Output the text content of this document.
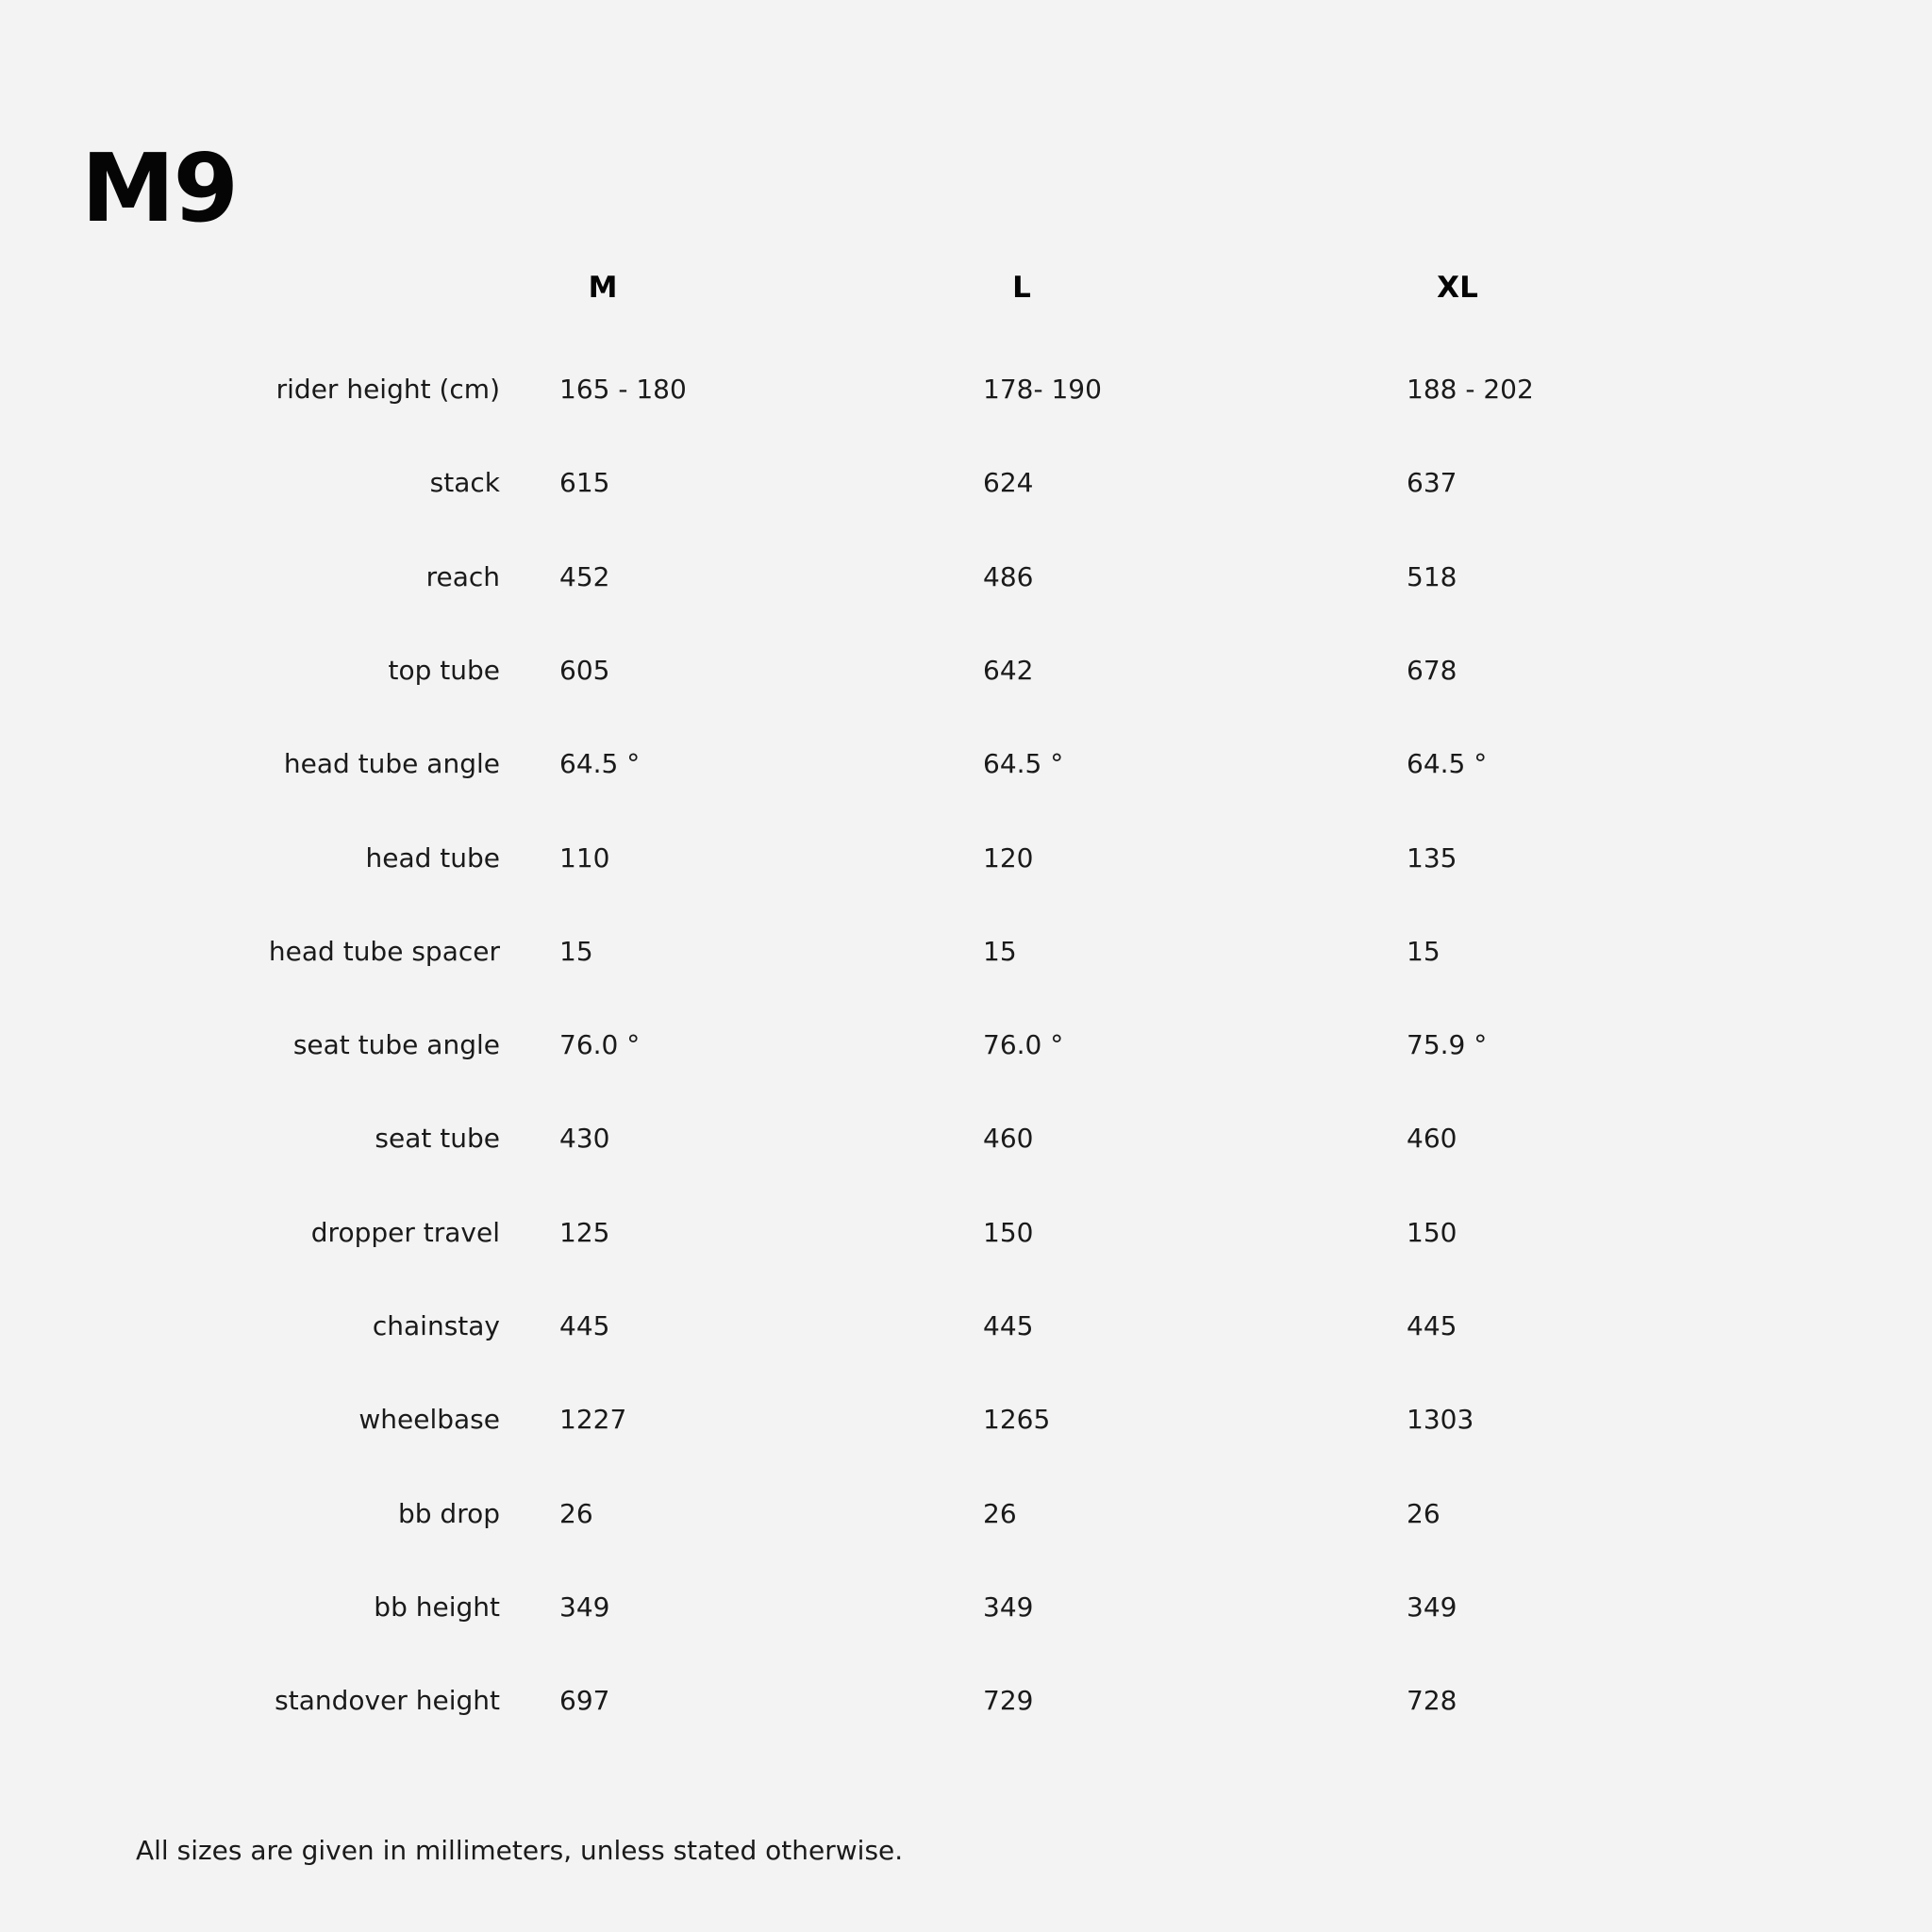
M9
M	L	XL
rider height (cm) 165 - 180	178- 190	188 - 202
stack 615	624	637
reach 452	486	518
top tube 605	642	678
head tube angle 64.5 °	64.5 °	64.5 °
head tube 110	120	135
head tube spacer 15	15	15
seat tube angle 76.0 °	76.0 °	75.9 °
seat tube 430	460	460
dropper travel 125	150	150
chainstay 445	445	445
wheelbase 1227	1265	1303
bb drop 26	26	26
bb height 349	349	349
standover height 697	729	728
All sizes are given in millimeters, unless stated otherwise.
